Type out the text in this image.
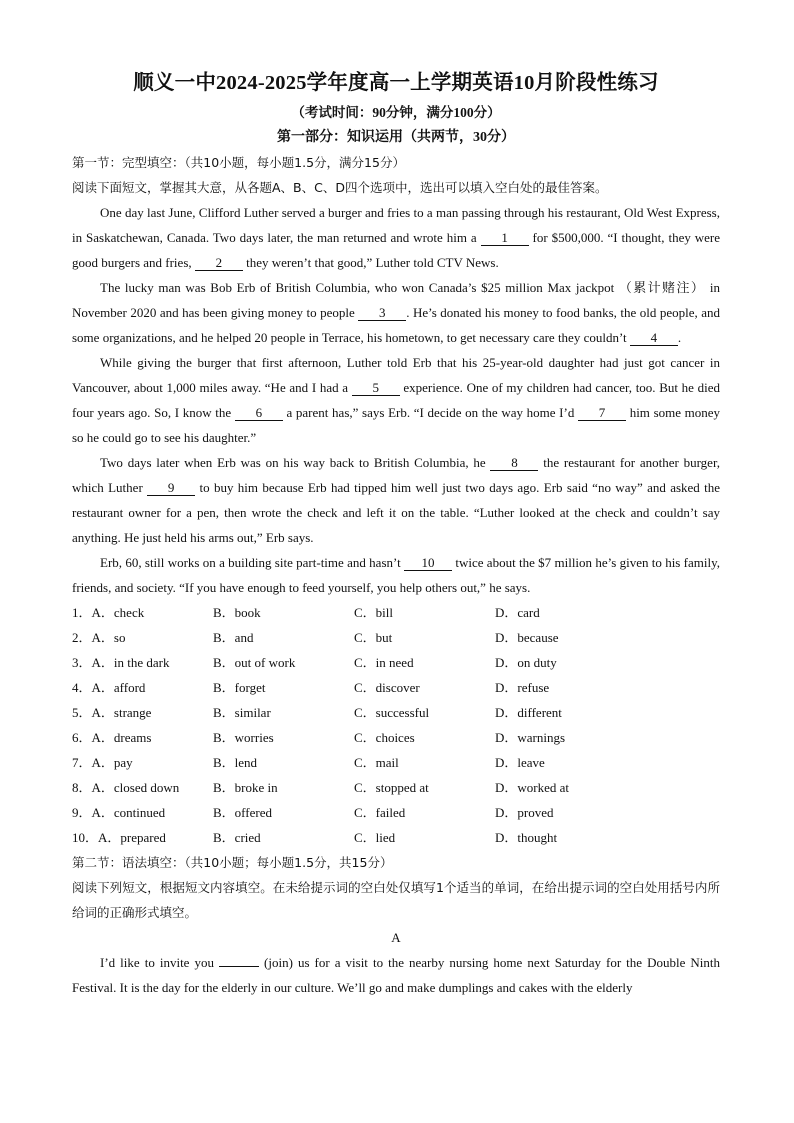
顺义一中2024-2025学年度高一上学期英语10月阶段性练习
（考试时间：90分钟，满分100分）
第一部分：知识运用（共两节，30分）
第一节：完型填空：（共10小题，每小题1.5分，满分15分）
阅读下面短文，掌握其大意，从各题A、B、C、D四个选项中，选出可以填入空白处的最佳答案。

One day last June, Clifford Luther served a burger and fries to a man passing through his restaurant, Old West Express, in Saskatchewan, Canada. Two days later, the man returned and wrote him a 1 for $500,000. “I thought, they were good burgers and fries, 2 they weren’t that good,” Luther told CTV News.

The lucky man was Bob Erb of British Columbia, who won Canada’s $25 million Max jackpot （累计赌注） in November 2020 and has been giving money to people 3 . He’s donated his money to food banks, the old people, and some organizations, and he helped 20 people in Terrace, his hometown, to get necessary care they couldn’t 4 .

While giving the burger that first afternoon, Luther told Erb that his 25-year-old daughter had just got cancer in Vancouver, about 1,000 miles away. “He and I had a 5 experience. One of my children had cancer, too. But he died four years ago. So, I know the 6 a parent has,” says Erb. “I decide on the way home I’d 7 him some money so he could go to see his daughter.”

Two days later when Erb was on his way back to British Columbia, he 8 the restaurant for another burger, which Luther 9 to buy him because Erb had tipped him well just two days ago. Erb said “no way” and asked the restaurant owner for a pen, then wrote the check and left it on the table. “Luther looked at the check and couldn’t say anything. He just held his arms out,” Erb says.

Erb, 60, still works on a building site part-time and hasn’t 10 twice about the $7 million he’s given to his family, friends, and society. “If you have enough to feed yourself, you help others out,” he says.

1．A．check	B．book	C．bill	D．card
2．A．so	B．and	C．but	D．because
3．A．in the dark	B．out of work	C．in need	D．on duty
4．A．afford	B．forget	C．discover	D．refuse
5．A．strange	B．similar	C．successful	D．different
6．A．dreams	B．worries	C．choices	D．warnings
7．A．pay	B．lend	C．mail	D．leave
8．A．closed down	B．broke in	C．stopped at	D．worked at
9．A．continued	B．offered	C．failed	D．proved
10．A．prepared	B．cried	C．lied	D．thought
第二节：语法填空：（共10小题；每小题1.5分，共15分）

阅读下列短文，根据短文内容填空。在未给提示词的空白处仅填写1个适当的单词，在给出提示词的空白处用括号内所给词的正确形式填空。

A

I’d like to invite you	(join) us for a visit to the nearby nursing home next Saturday for the Double Ninth Festival. It is the day for the elderly in our culture. We’ll go and make dumplings and cakes with the elderly
